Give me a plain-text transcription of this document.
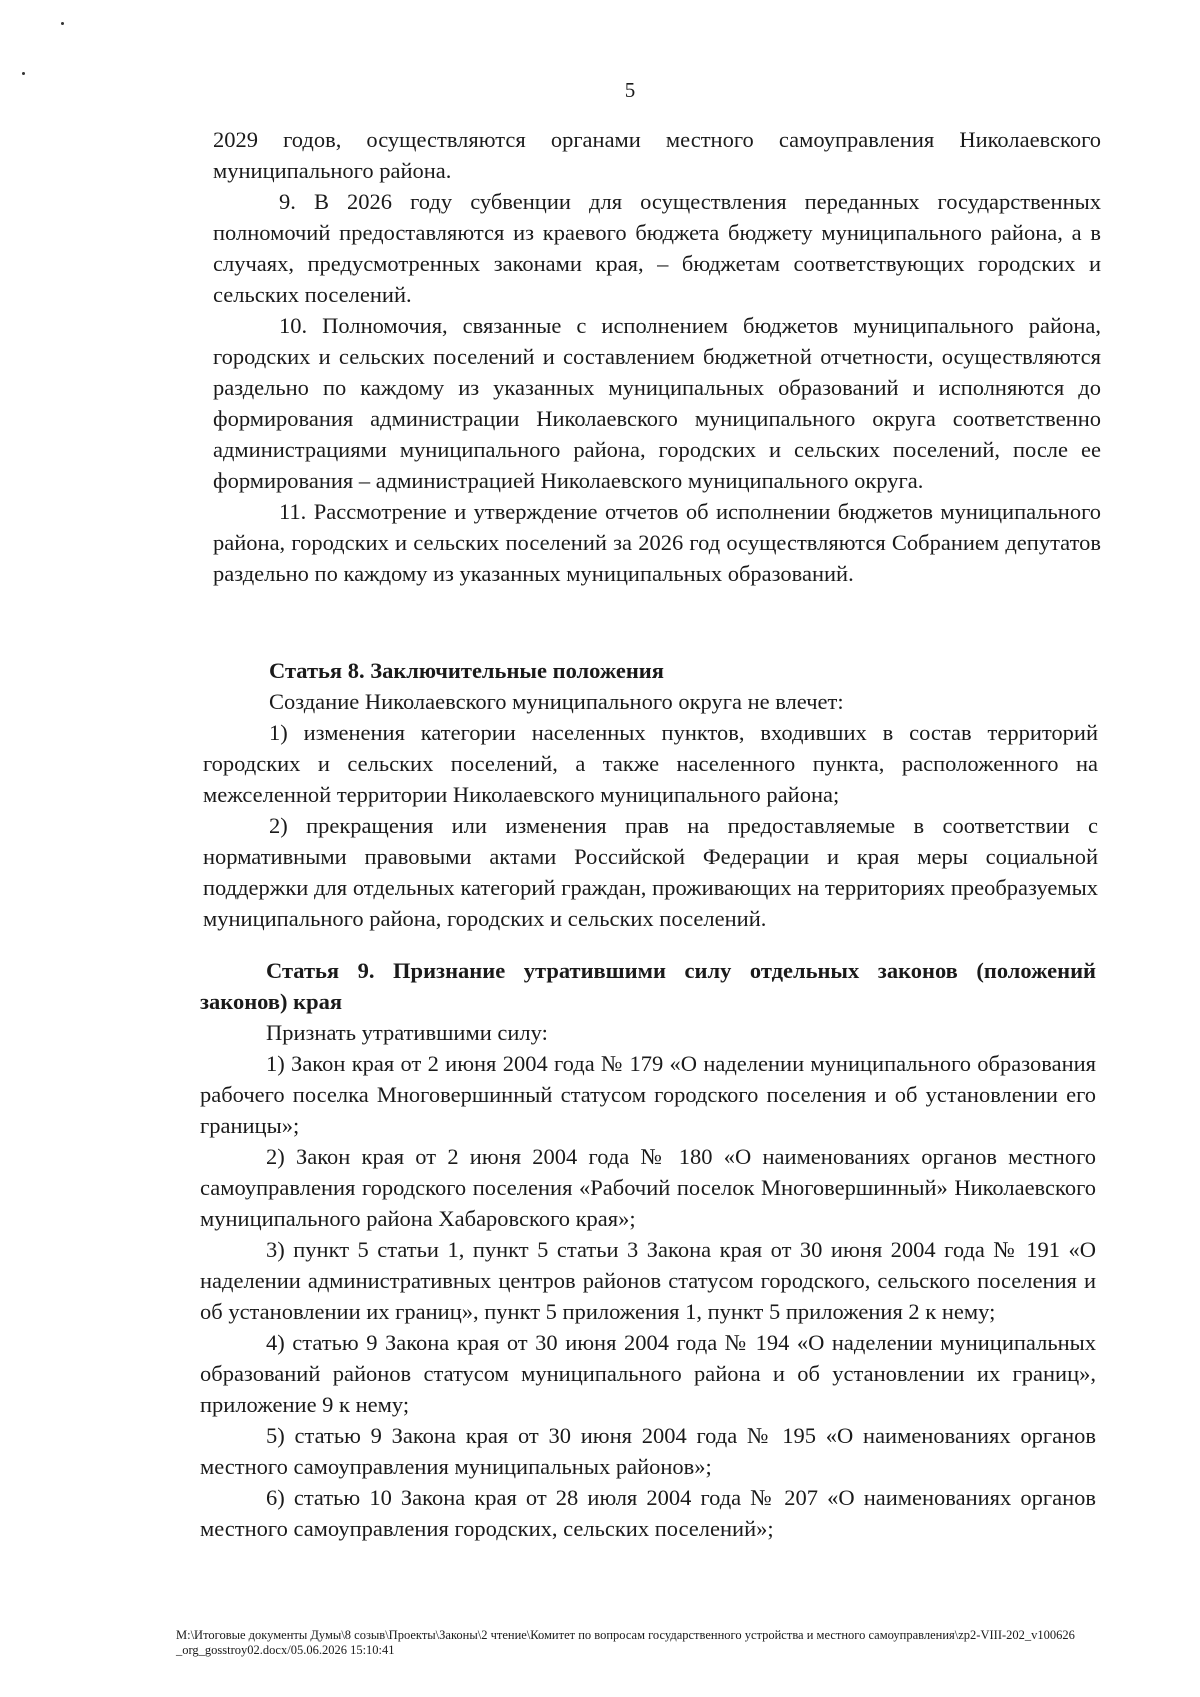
5

2029 годов, осуществляются органами местного самоуправления Николаевского муниципального района.

9. В 2026 году субвенции для осуществления переданных государственных полномочий предоставляются из краевого бюджета бюджету муниципального района, а в случаях, предусмотренных законами края, – бюджетам соответствующих городских и сельских поселений.

10. Полномочия, связанные с исполнением бюджетов муниципального района, городских и сельских поселений и составлением бюджетной отчетности, осуществляются раздельно по каждому из указанных муниципальных образований и исполняются до формирования администрации Николаевского муниципального округа соответственно администрациями муниципального района, городских и сельских поселений, после ее формирования – администрацией Николаевского муниципального округа.

11. Рассмотрение и утверждение отчетов об исполнении бюджетов муниципального района, городских и сельских поселений за 2026 год осуществляются Собранием депутатов раздельно по каждому из указанных муниципальных образований.

Статья 8. Заключительные положения

Создание Николаевского муниципального округа не влечет:

1) изменения категории населенных пунктов, входивших в состав территорий городских и сельских поселений, а также населенного пункта, расположенного на межселенной территории Николаевского муниципального района;

2) прекращения или изменения прав на предоставляемые в соответствии с нормативными правовыми актами Российской Федерации и края меры социальной поддержки для отдельных категорий граждан, проживающих на территориях преобразуемых муниципального района, городских и сельских поселений.

Статья 9. Признание утратившими силу отдельных законов (положений законов) края

Признать утратившими силу:

1) Закон края от 2 июня 2004 года № 179 «О наделении муниципального образования рабочего поселка Многовершинный статусом городского поселения и об установлении его границы»;

2) Закон края от 2 июня 2004 года № 180 «О наименованиях органов местного самоуправления городского поселения «Рабочий поселок Многовершинный» Николаевского муниципального района Хабаровского края»;

3) пункт 5 статьи 1, пункт 5 статьи 3 Закона края от 30 июня 2004 года № 191 «О наделении административных центров районов статусом городского, сельского поселения и об установлении их границ», пункт 5 приложения 1, пункт 5 приложения 2 к нему;

4) статью 9 Закона края от 30 июня 2004 года № 194 «О наделении муниципальных образований районов статусом муниципального района и об установлении их границ», приложение 9 к нему;

5) статью 9 Закона края от 30 июня 2004 года № 195 «О наименованиях органов местного самоуправления муниципальных районов»;

6) статью 10 Закона края от 28 июля 2004 года № 207 «О наименованиях органов местного самоуправления городских, сельских поселений»;

M:\Итоговые документы Думы\8 созыв\Проекты\Законы\2 чтение\Комитет по вопросам государственного устройства и местного самоуправления\zp2-VIII-202_v100626_org_gosstroy02.docx/05.06.2026 15:10:41
